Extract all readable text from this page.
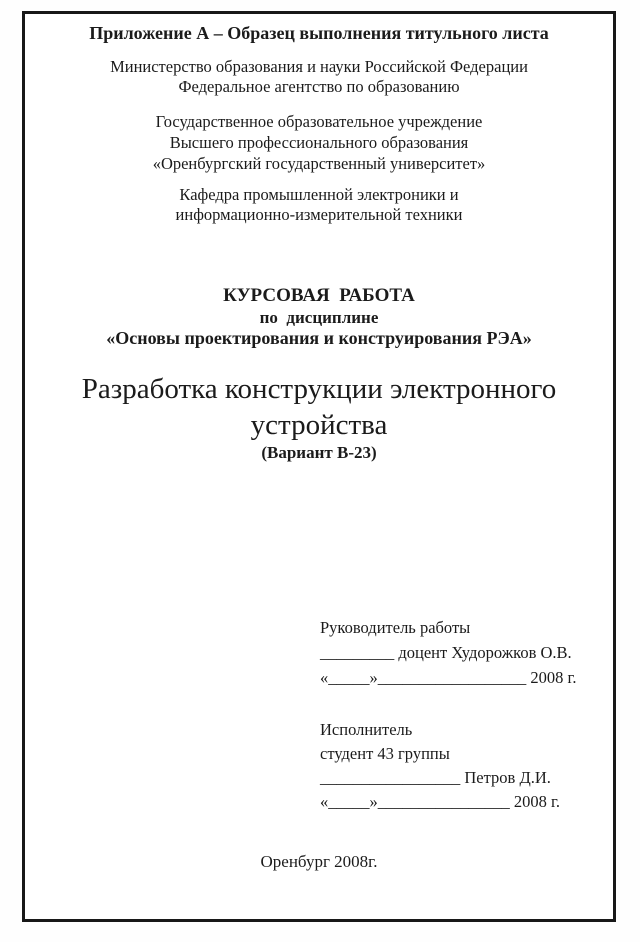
Приложение А – Образец выполнения титульного листа
Министерство образования и науки Российской Федерации
Федеральное агентство по образованию
Государственное образовательное учреждение
Высшего профессионального образования
«Оренбургский государственный университет»
Кафедра промышленной электроники и
информационно-измерительной техники
КУРСОВАЯ  РАБОТА
по  дисциплине
«Основы проектирования и конструирования РЭА»
Разработка конструкции электронного
устройства
(Вариант В-23)
Руководитель работы
_________ доцент Худорожков О.В.
«_____»__________________ 2008 г.
Исполнитель
студент 43 группы
_________________ Петров Д.И.
«_____»________________ 2008 г.
Оренбург 2008г.
